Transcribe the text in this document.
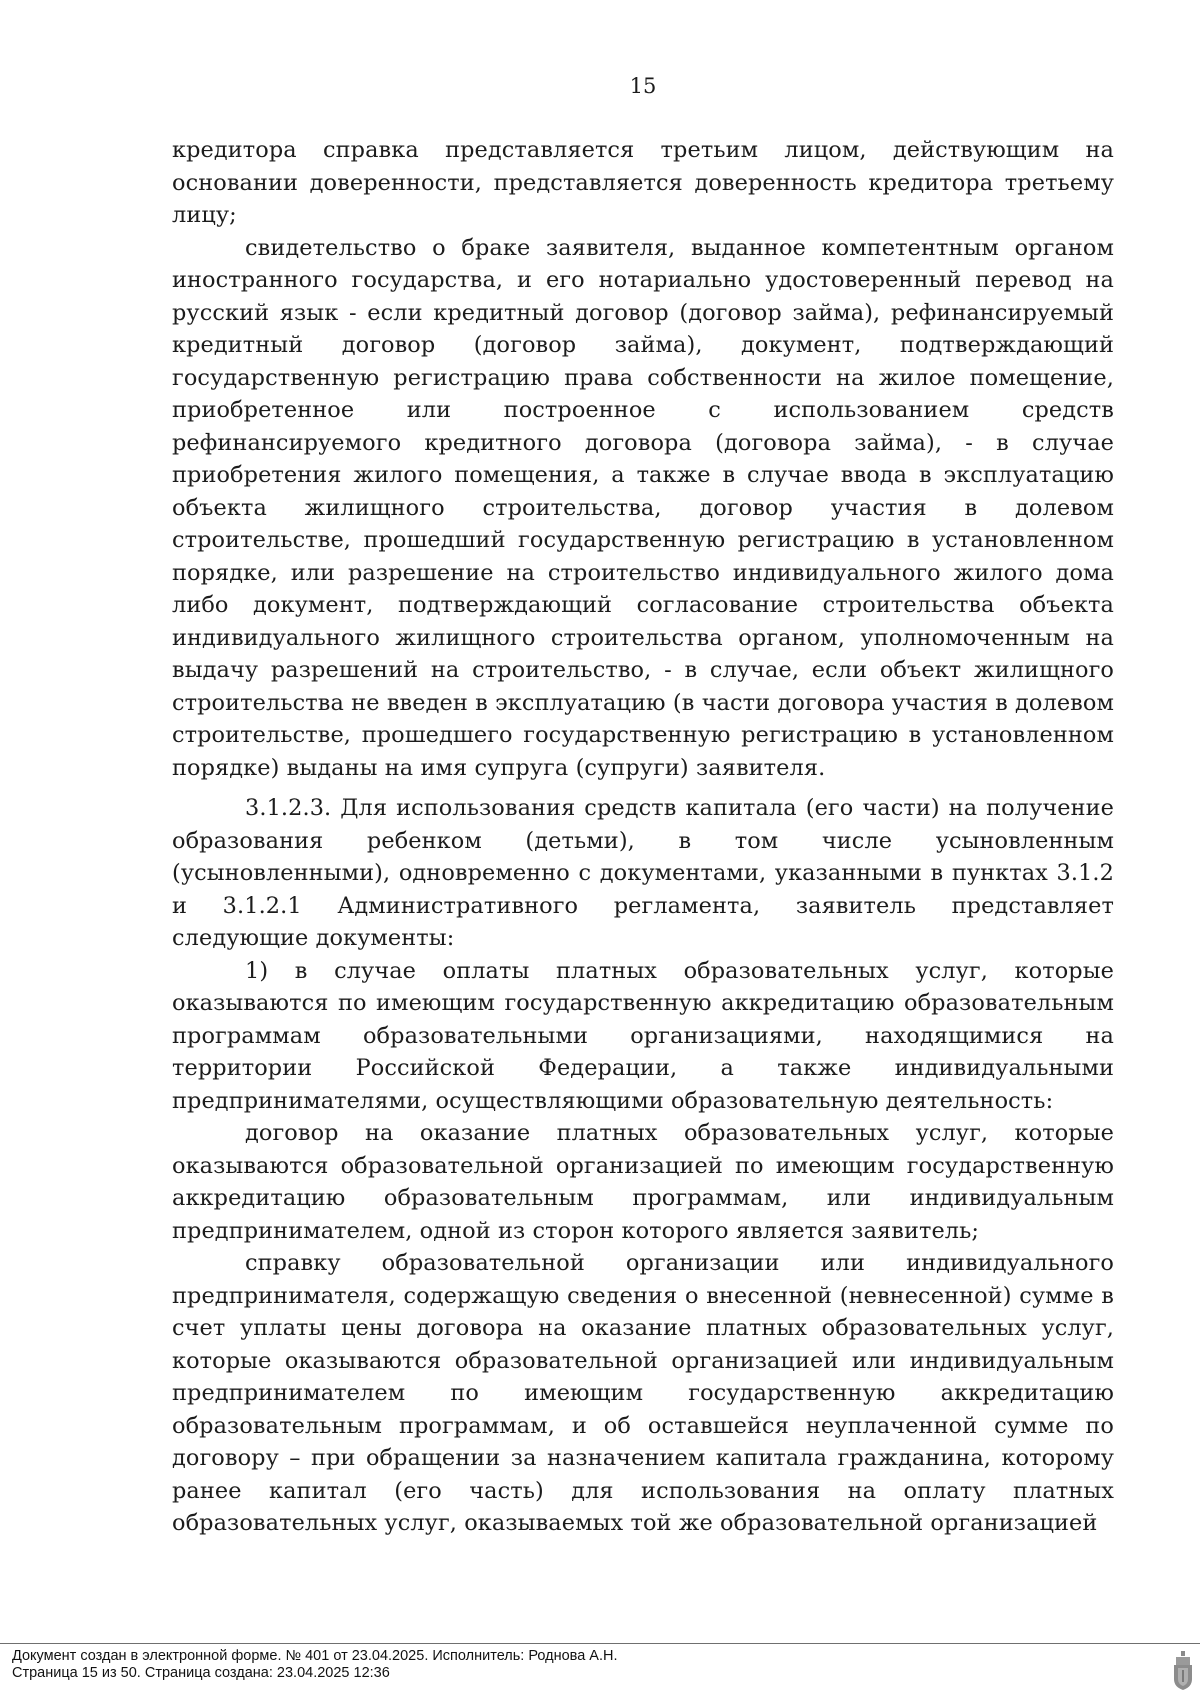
15

кредитора справка представляется третьим лицом, действующим на основании доверенности, представляется доверенность кредитора третьему лицу;

свидетельство о браке заявителя, выданное компетентным органом иностранного государства, и его нотариально удостоверенный перевод на русский язык - если кредитный договор (договор займа), рефинансируемый кредитный договор (договор займа), документ, подтверждающий государственную регистрацию права собственности на жилое помещение, приобретенное или построенное с использованием средств рефинансируемого кредитного договора (договора займа), - в случае приобретения жилого помещения, а также в случае ввода в эксплуатацию объекта жилищного строительства, договор участия в долевом строительстве, прошедший государственную регистрацию в установленном порядке, или разрешение на строительство индивидуального жилого дома либо документ, подтверждающий согласование строительства объекта индивидуального жилищного строительства органом, уполномоченным на выдачу разрешений на строительство, - в случае, если объект жилищного строительства не введен в эксплуатацию (в части договора участия в долевом строительстве, прошедшего государственную регистрацию в установленном порядке) выданы на имя супруга (супруги) заявителя.

3.1.2.3. Для использования средств капитала (его части) на получение образования ребенком (детьми), в том числе усыновленным (усыновленными), одновременно с документами, указанными в пунктах 3.1.2 и 3.1.2.1 Административного регламента, заявитель представляет следующие документы:

1) в случае оплаты платных образовательных услуг, которые оказываются по имеющим государственную аккредитацию образовательным программам образовательными организациями, находящимися на территории Российской Федерации, а также индивидуальными предпринимателями, осуществляющими образовательную деятельность:

договор на оказание платных образовательных услуг, которые оказываются образовательной организацией по имеющим государственную аккредитацию образовательным программам, или индивидуальным предпринимателем, одной из сторон которого является заявитель;

справку образовательной организации или индивидуального предпринимателя, содержащую сведения о внесенной (невнесенной) сумме в счет уплаты цены договора на оказание платных образовательных услуг, которые оказываются образовательной организацией или индивидуальным предпринимателем по имеющим государственную аккредитацию образовательным программам, и об оставшейся неуплаченной сумме по договору – при обращении за назначением капитала гражданина, которому ранее капитал (его часть) для использования на оплату платных образовательных услуг, оказываемых той же образовательной организацией

Документ создан в электронной форме. № 401 от 23.04.2025. Исполнитель: Роднова А.Н.
Страница 15 из 50. Страница создана: 23.04.2025 12:36
